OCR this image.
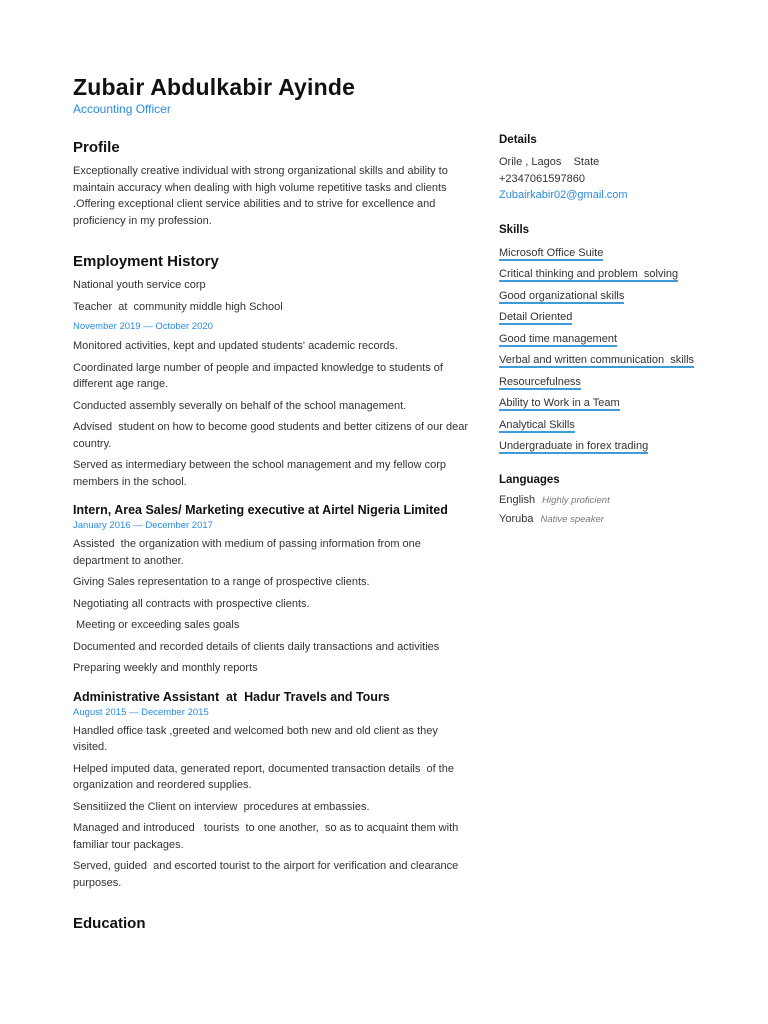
Zubair Abdulkabir Ayinde
Accounting Officer

Profile

Exceptionally creative individual with strong organizational skills and ability to maintain accuracy when dealing with high volume repetitive tasks and clients .Offering exceptional client service abilities and to strive for excellence and proficiency in my profession.

Employment History

National youth service corp

Teacher  at  community middle high School

November 2019 — October 2020

Monitored activities, kept and updated students' academic records.

Coordinated large number of people and impacted knowledge to students of different age range.

Conducted assembly severally on behalf of the school management.

Advised  student on how to become good students and better citizens of our dear country.

Served as intermediary between the school management and my fellow corp members in the school.

Intern, Area Sales/ Marketing executive at Airtel Nigeria Limited

January 2016 — December 2017

Assisted  the organization with medium of passing information from one department to another.

Giving Sales representation to a range of prospective clients.

Negotiating all contracts with prospective clients.

Meeting or exceeding sales goals

Documented and recorded details of clients daily transactions and activities

Preparing weekly and monthly reports

Administrative Assistant  at  Hadur Travels and Tours

August 2015 — December 2015

Handled office task ,greeted and welcomed both new and old client as they visited.

Helped imputed data, generated report, documented transaction details  of the organization and reordered supplies.

Sensitiized the Client on interview  procedures at embassies.

Managed and introduced   tourists  to one another,  so as to acquaint them with familiar tour packages.

Served, guided  and escorted tourist to the airport for verification and clearance purposes.

Education

Details

Orile , Lagos    State

+2347061597860

Zubairkabir02@gmail.com

Skills

Microsoft Office Suite

Critical thinking and problem  solving

Good organizational skills

Detail Oriented

Good time management

Verbal and written communication  skills

Resourcefulness

Ability to Work in a Team

Analytical Skills

Undergraduate in forex trading

Languages

English Highly proficient

Yoruba Native speaker
